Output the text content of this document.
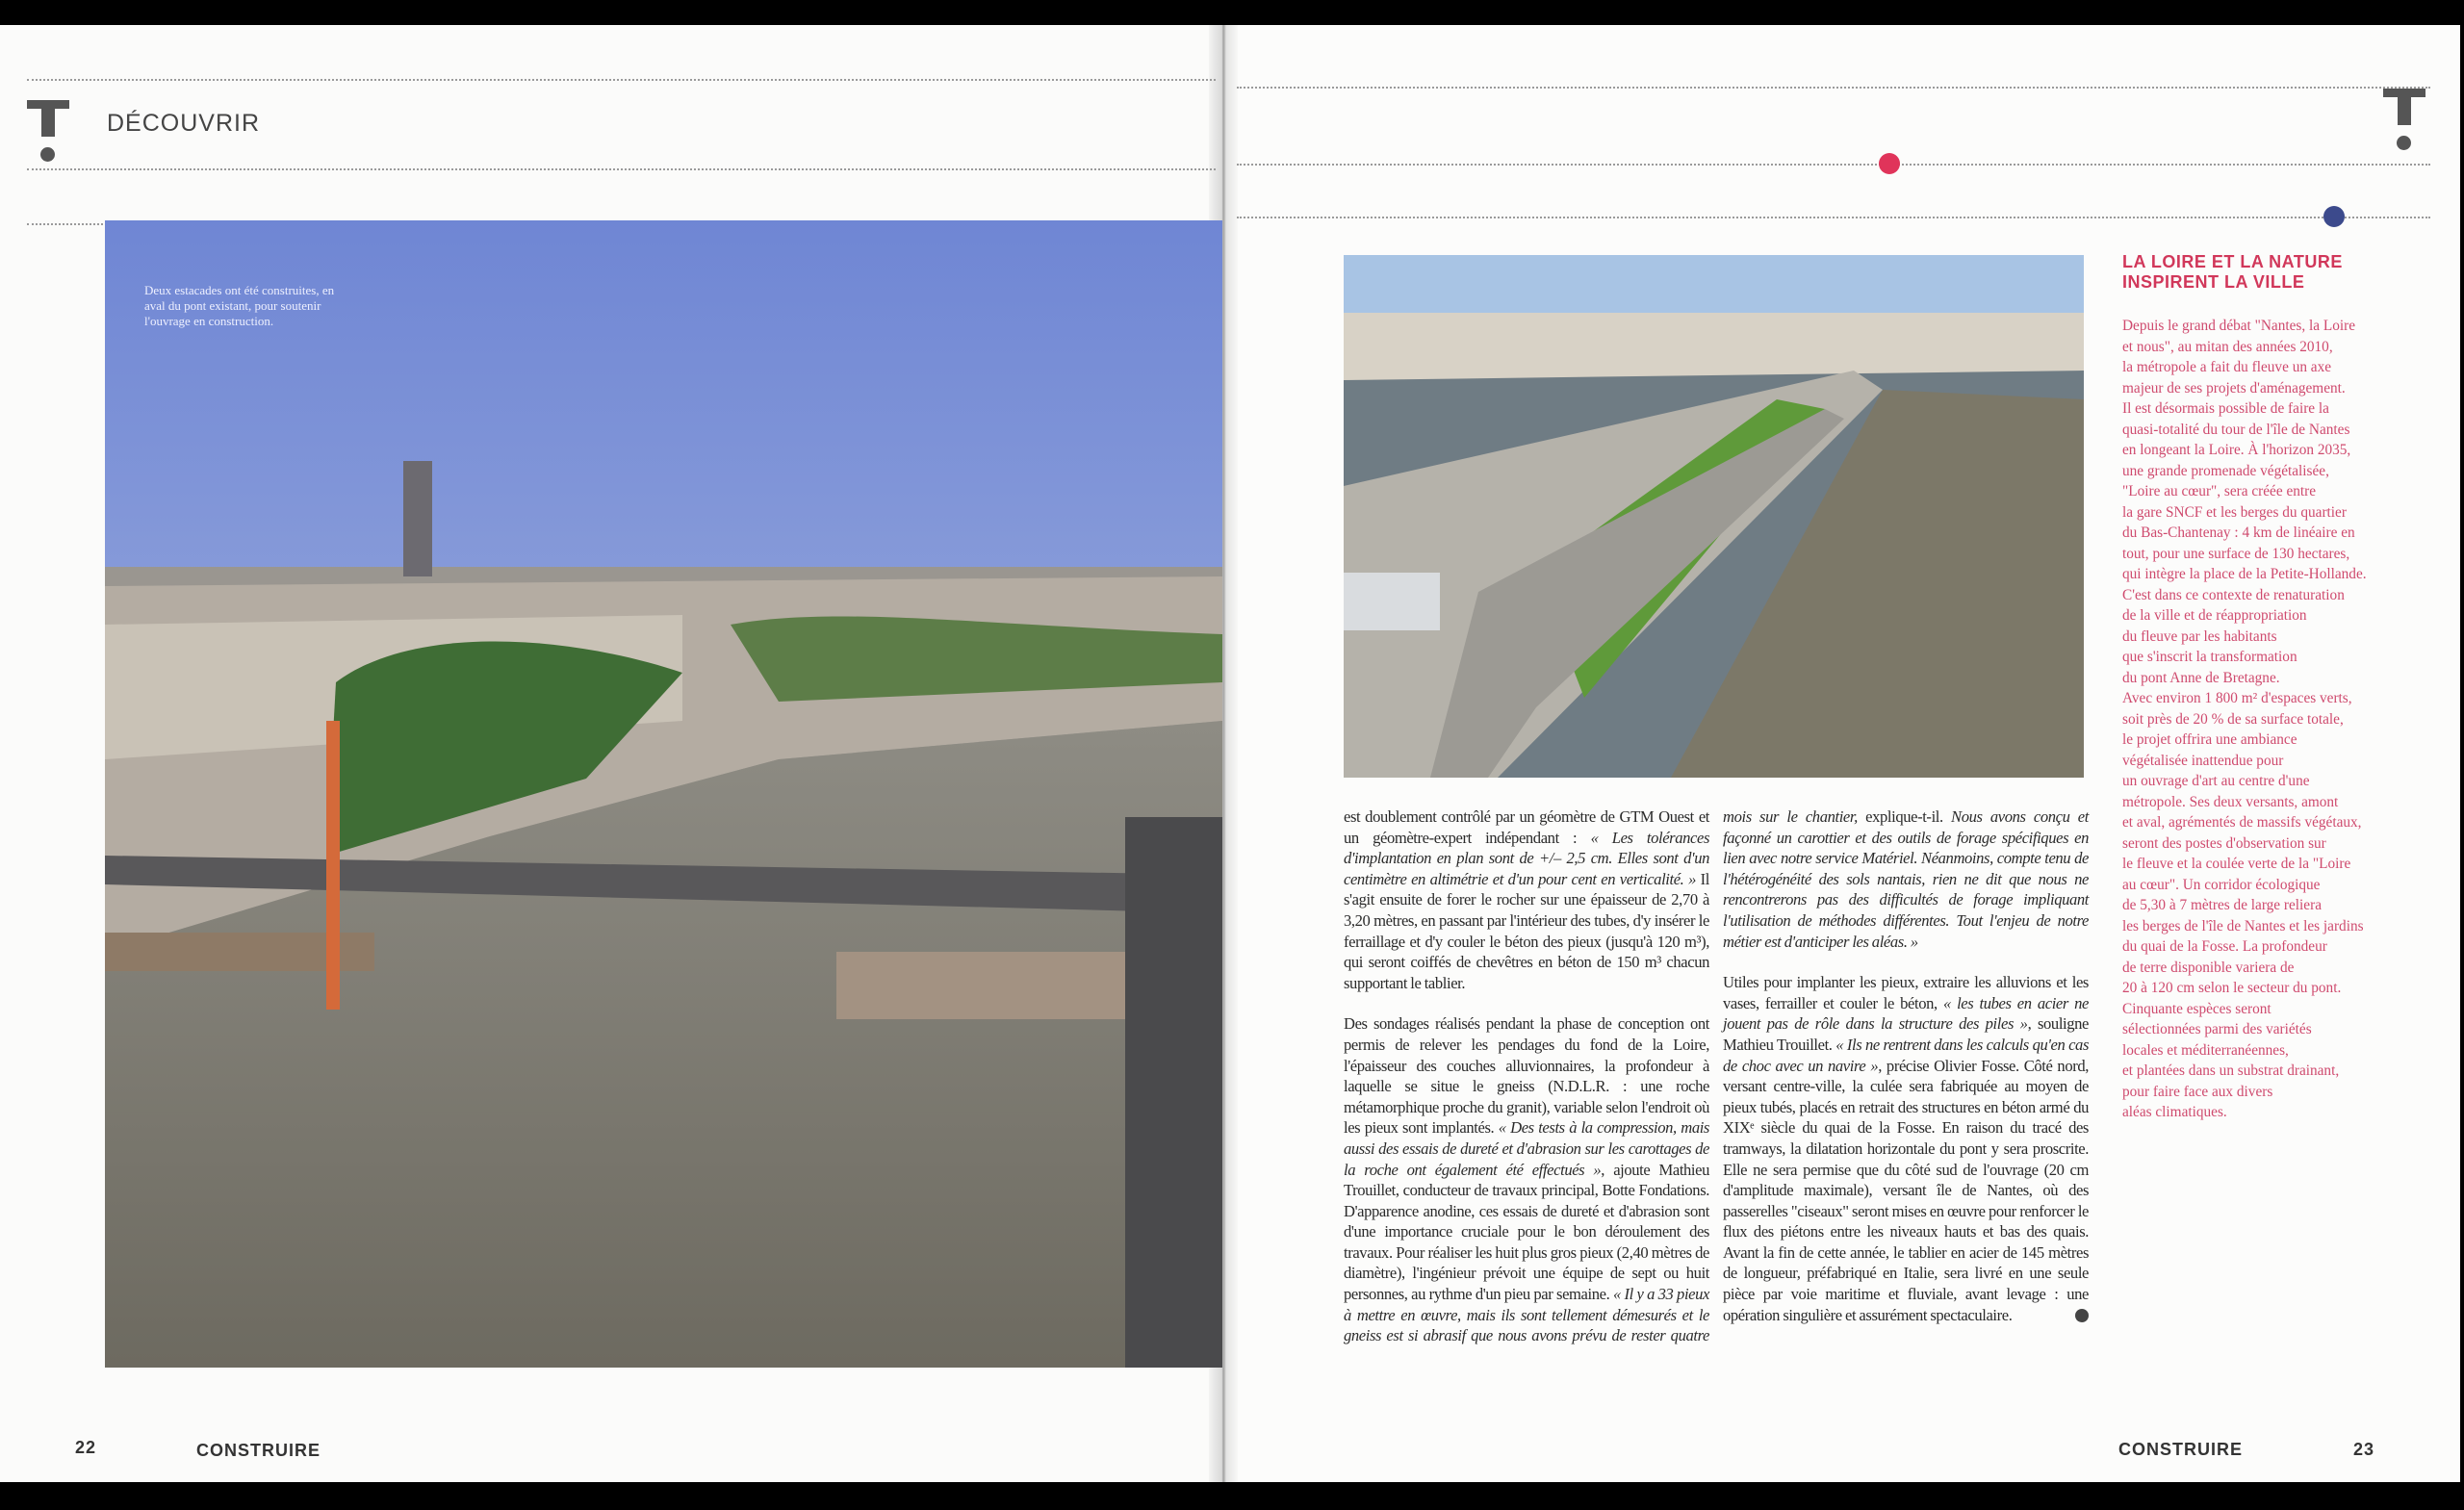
DÉCOUVRIR
Deux estacades ont été construites, en aval du pont existant, pour soutenir l'ouvrage en construction.
22	CONSTRUIRE

est doublement contrôlé par un géomètre de GTM Ouest et un géomètre-expert indépendant : « Les tolérances d'implantation en plan sont de +/– 2,5 cm. Elles sont d'un centimètre en altimétrie et d'un pour cent en verticalité. » Il s'agit ensuite de forer le rocher sur une épaisseur de 2,70 à 3,20 mètres, en passant par l'intérieur des tubes, d'y insérer le ferraillage et d'y couler le béton des pieux (jusqu'à 120 m³), qui seront coiffés de chevêtres en béton de 150 m³ chacun supportant le tablier.

Des sondages réalisés pendant la phase de conception ont permis de relever les pendages du fond de la Loire, l'épaisseur des couches alluvionnaires, la profondeur à laquelle se situe le gneiss (N.D.L.R. : une roche métamorphique proche du granit), variable selon l'endroit où les pieux sont implantés. « Des tests à la compression, mais aussi des essais de dureté et d'abrasion sur les carottages de la roche ont également été effectués », ajoute Mathieu Trouillet, conducteur de travaux principal, Botte Fondations. D'apparence anodine, ces essais de dureté et d'abrasion sont d'une importance cruciale pour le bon déroulement des travaux. Pour réaliser les huit plus gros pieux (2,40 mètres de diamètre), l'ingénieur prévoit une équipe de sept ou huit personnes, au rythme d'un pieu par semaine. « Il y a 33 pieux à mettre en œuvre, mais ils sont tellement démesurés et le gneiss est si abrasif que nous avons prévu de rester quatre mois sur le chantier, explique-t-il. Nous avons conçu et façonné un carottier et des outils de forage spécifiques en lien avec notre service Matériel. Néanmoins, compte tenu de l'hétérogénéité des sols nantais, rien ne dit que nous ne rencontrerons pas des difficultés de forage impliquant l'utilisation de méthodes différentes. Tout l'enjeu de notre métier est d'anticiper les aléas. »

Utiles pour implanter les pieux, extraire les alluvions et les vases, ferrailler et couler le béton, « les tubes en acier ne jouent pas de rôle dans la structure des piles », souligne Mathieu Trouillet. « Ils ne rentrent dans les calculs qu'en cas de choc avec un navire », précise Olivier Fosse. Côté nord, versant centre-ville, la culée sera fabriquée au moyen de pieux tubés, placés en retrait des structures en béton armé du XIXᵉ siècle du quai de la Fosse. En raison du tracé des tramways, la dilatation horizontale du pont y sera proscrite. Elle ne sera permise que du côté sud de l'ouvrage (20 cm d'amplitude maximale), versant île de Nantes, où des passerelles "ciseaux" seront mises en œuvre pour renforcer le flux des piétons entre les niveaux hauts et bas des quais. Avant la fin de cette année, le tablier en acier de 145 mètres de longueur, préfabriqué en Italie, sera livré en une seule pièce par voie maritime et fluviale, avant levage : une opération singulière et assurément spectaculaire.

LA LOIRE ET LA NATURE INSPIRENT LA VILLE
Depuis le grand débat "Nantes, la Loire
et nous", au mitan des années 2010,
la métropole a fait du fleuve un axe
majeur de ses projets d'aménagement.
Il est désormais possible de faire la
quasi-totalité du tour de l'île de Nantes
en longeant la Loire. À l'horizon 2035,
une grande promenade végétalisée,
"Loire au cœur", sera créée entre
la gare SNCF et les berges du quartier
du Bas-Chantenay : 4 km de linéaire en
tout, pour une surface de 130 hectares,
qui intègre la place de la Petite-Hollande.
C'est dans ce contexte de renaturation
de la ville et de réappropriation
du fleuve par les habitants
que s'inscrit la transformation
du pont Anne de Bretagne.
Avec environ 1 800 m² d'espaces verts,
soit près de 20 % de sa surface totale,
le projet offrira une ambiance
végétalisée inattendue pour
un ouvrage d'art au centre d'une
métropole. Ses deux versants, amont
et aval, agrémentés de massifs végétaux,
seront des postes d'observation sur
le fleuve et la coulée verte de la "Loire
au cœur". Un corridor écologique
de 5,30 à 7 mètres de large reliera
les berges de l'île de Nantes et les jardins
du quai de la Fosse. La profondeur
de terre disponible variera de
20 à 120 cm selon le secteur du pont.
Cinquante espèces seront
sélectionnées parmi des variétés
locales et méditerranéennes,
et plantées dans un substrat drainant,
pour faire face aux divers
aléas climatiques.
CONSTRUIRE	23
